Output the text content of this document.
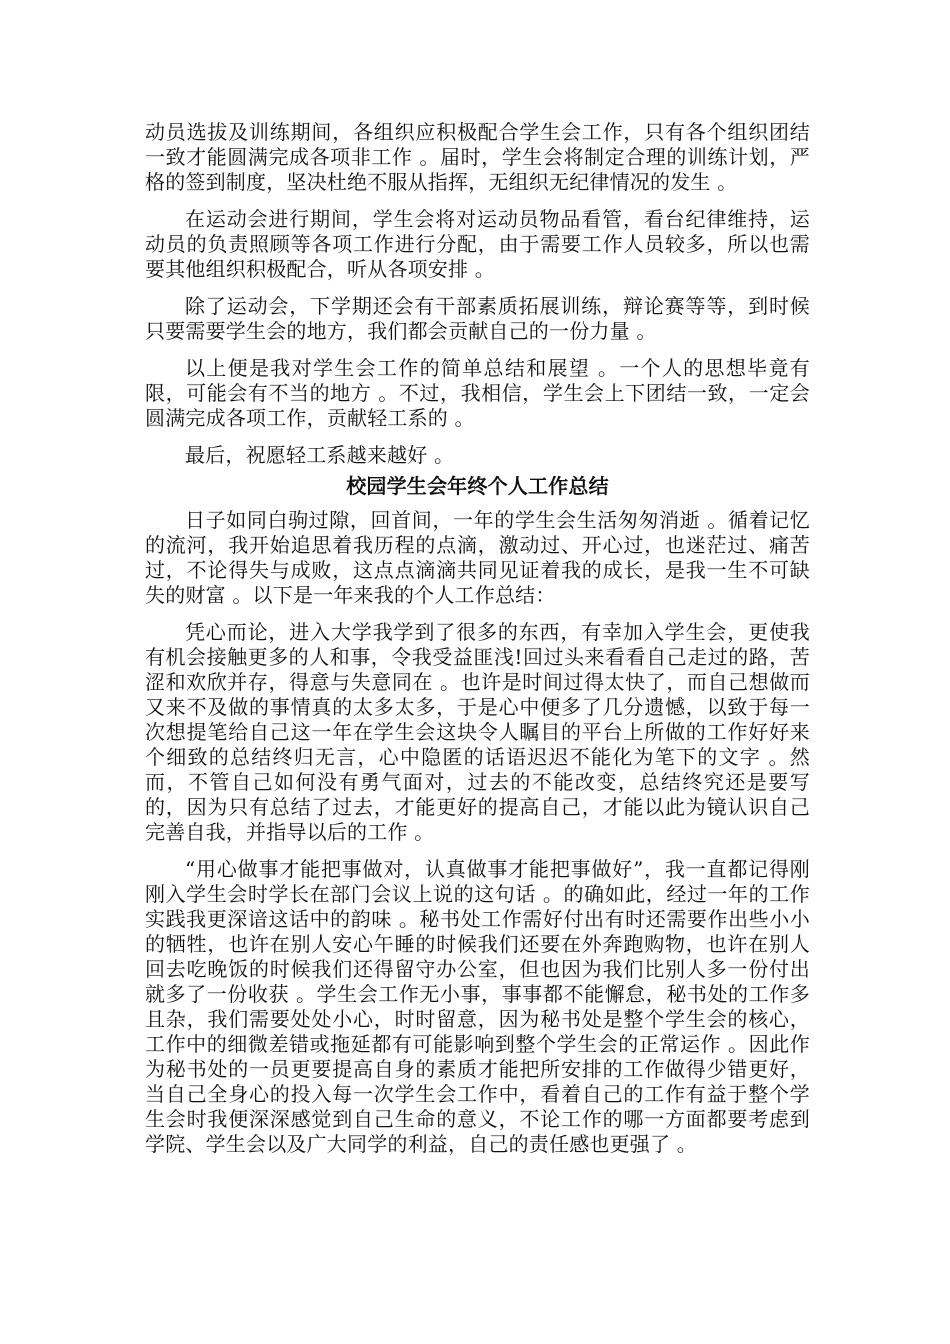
动员选拔及训练期间，各组织应积极配合学生会工作，只有各个组织团结一致才能圆满完成各项非工作 。届时，学生会将制定合理的训练计划，严格的签到制度，坚决杜绝不服从指挥，无组织无纪律情况的发生 。

在运动会进行期间，学生会将对运动员物品看管，看台纪律维持，运动员的负责照顾等各项工作进行分配，由于需要工作人员较多，所以也需要其他组织积极配合，听从各项安排 。

除了运动会，下学期还会有干部素质拓展训练，辩论赛等等，到时候只要需要学生会的地方，我们都会贡献自己的一份力量 。

以上便是我对学生会工作的简单总结和展望 。一个人的思想毕竟有限，可能会有不当的地方 。不过，我相信，学生会上下团结一致，一定会圆满完成各项工作，贡献轻工系的 。

最后，祝愿轻工系越来越好 。

校园学生会年终个人工作总结

日子如同白驹过隙，回首间，一年的学生会生活匆匆消逝 。循着记忆的流河，我开始追思着我历程的点滴，激动过、开心过，也迷茫过、痛苦过，不论得失与成败，这点点滴滴共同见证着我的成长，是我一生不可缺失的财富 。以下是一年来我的个人工作总结：

凭心而论，进入大学我学到了很多的东西，有幸加入学生会，更使我有机会接触更多的人和事，令我受益匪浅!回过头来看看自己走过的路，苦涩和欢欣并存，得意与失意同在 。也许是时间过得太快了，而自己想做而又来不及做的事情真的太多太多，于是心中便多了几分遗憾，以致于每一次想提笔给自己这一年在学生会这块令人瞩目的平台上所做的工作好好来个细致的总结终归无言，心中隐匿的话语迟迟不能化为笔下的文字 。然而，不管自己如何没有勇气面对，过去的不能改变，总结终究还是要写的，因为只有总结了过去，才能更好的提高自己，才能以此为镜认识自己完善自我，并指导以后的工作 。

“用心做事才能把事做对，认真做事才能把事做好”，我一直都记得刚刚入学生会时学长在部门会议上说的这句话 。的确如此，经过一年的工作实践我更深谙这话中的韵味 。秘书处工作需好付出有时还需要作出些小小的牺牲，也许在别人安心午睡的时候我们还要在外奔跑购物，也许在别人回去吃晚饭的时候我们还得留守办公室，但也因为我们比别人多一份付出就多了一份收获 。学生会工作无小事，事事都不能懈怠，秘书处的工作多且杂，我们需要处处小心，时时留意，因为秘书处是整个学生会的核心，工作中的细微差错或拖延都有可能影响到整个学生会的正常运作 。因此作为秘书处的一员更要提高自身的素质才能把所安排的工作做得少错更好，当自己全身心的投入每一次学生会工作中，看着自己的工作有益于整个学生会时我便深深感觉到自己生命的意义，不论工作的哪一方面都要考虑到学院、学生会以及广大同学的利益，自己的责任感也更强了 。
